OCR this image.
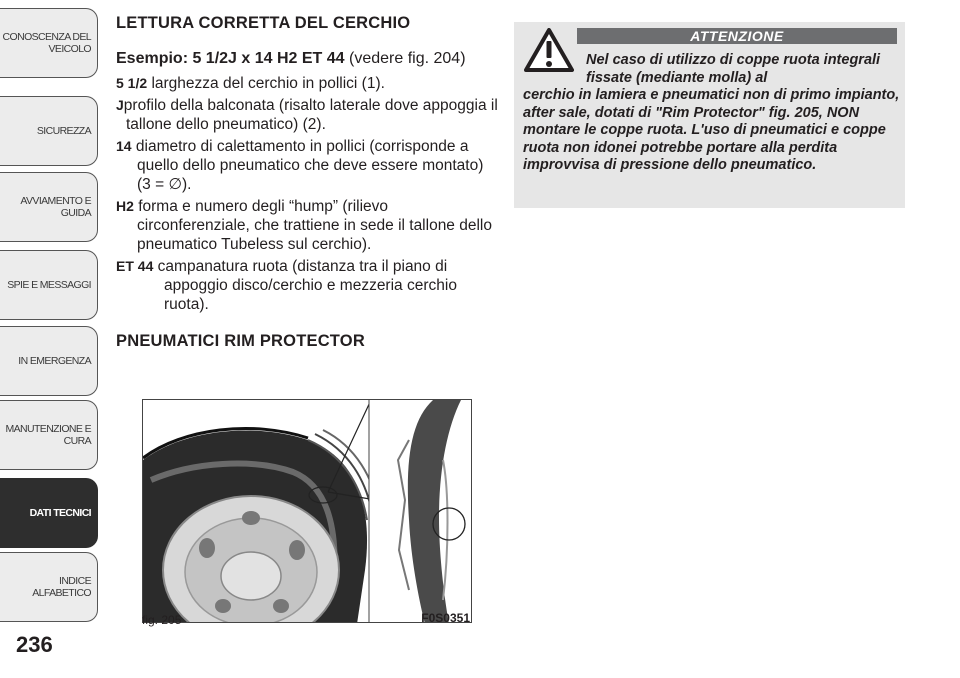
CONOSCENZA DEL
VEICOLO
SICUREZZA
AVVIAMENTO E
GUIDA
SPIE E MESSAGGI
IN EMERGENZA
MANUTENZIONE E
CURA
DATI TECNICI
INDICE ALFABETICO
236
LETTURA CORRETTA DEL CERCHIO

Esempio: 5 1/2J x 14 H2 ET 44 (vedere fig. 204)

5 1/2 larghezza del cerchio in pollici (1).

Jprofilo della balconata (risalto laterale dove appoggia il tallone dello pneumatico) (2).

14 diametro di calettamento in pollici (corrisponde a quello dello pneumatico che deve essere montato) (3 = ∅).

H2 forma e numero degli “hump” (rilievo circonferenziale, che trattiene in sede il tallone dello pneumatico Tubeless sul cerchio).

ET 44 campanatura ruota (distanza tra il piano di appoggio disco/cerchio e mezzeria cerchio ruota).

PNEUMATICI RIM PROTECTOR
fig. 205	F0S0351
ATTENZIONE
Nel caso di utilizzo di coppe ruota integrali fissate (mediante molla) al
cerchio in lamiera e pneumatici non di primo impianto, after sale, dotati di "Rim Protector" fig. 205, NON montare le coppe ruota. L'uso di pneumatici e coppe ruota non idonei potrebbe portare alla perdita improvvisa di pressione dello pneumatico.
